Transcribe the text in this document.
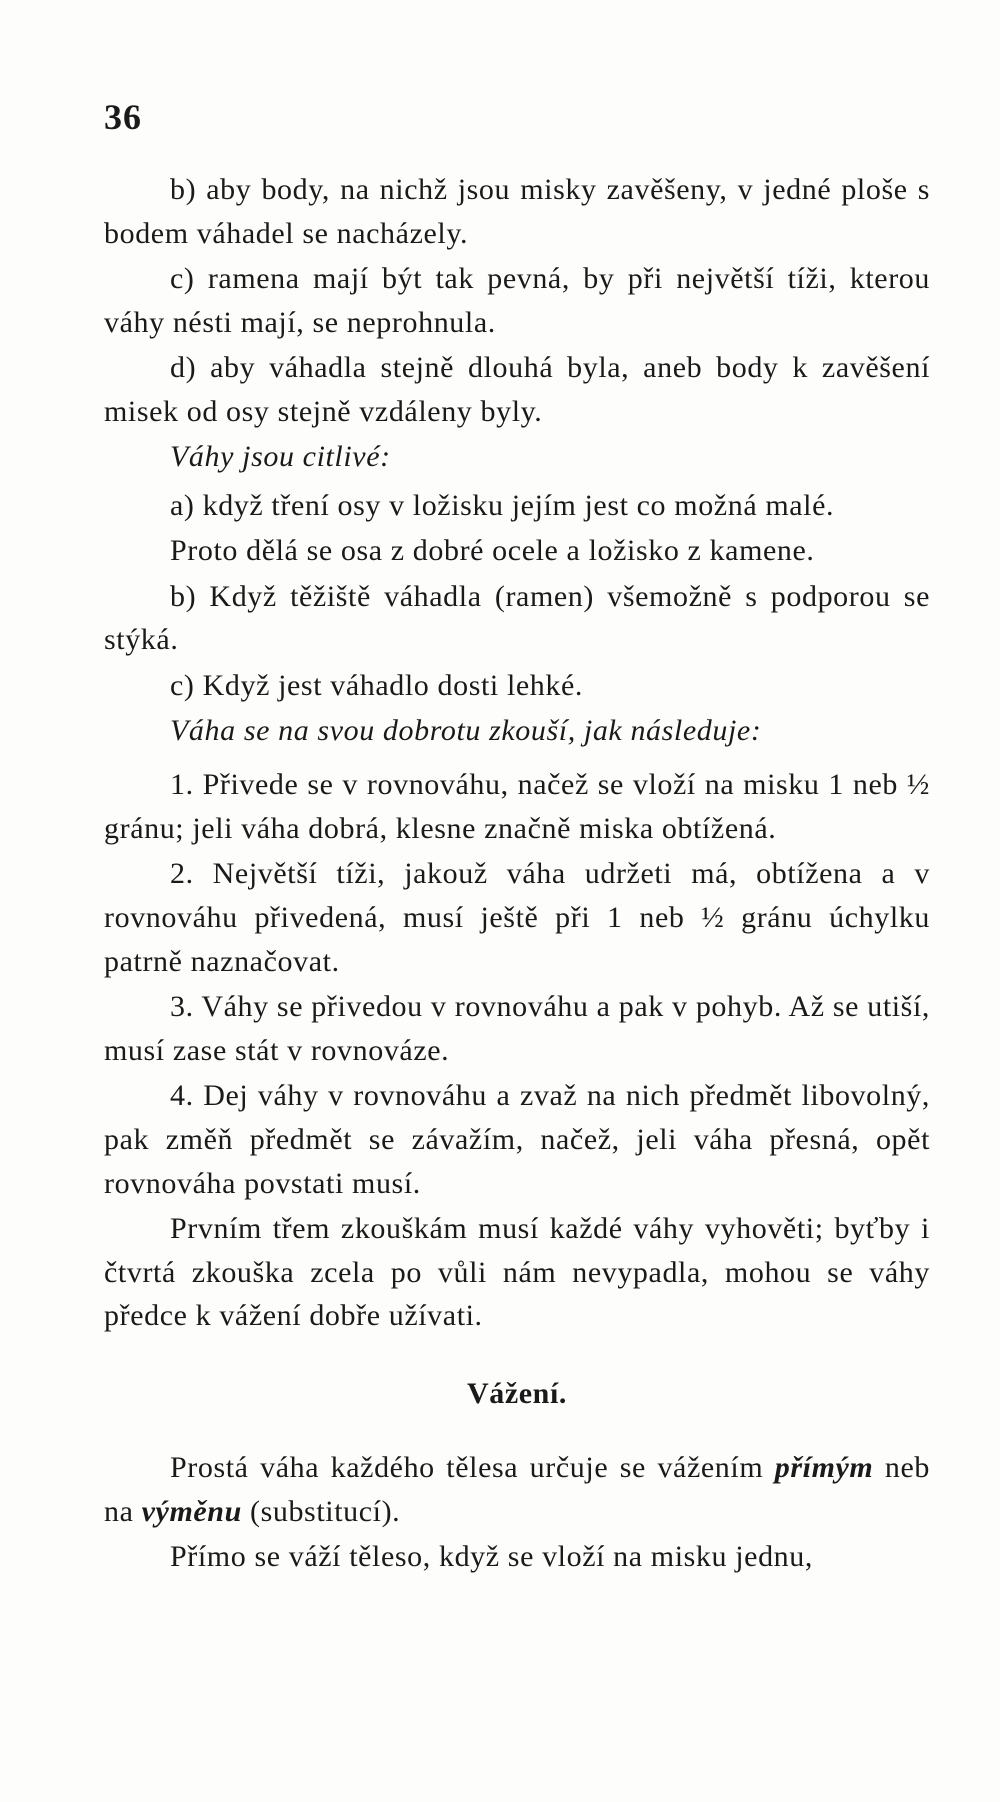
36

b) aby body, na nichž jsou misky zavěšeny, v jedné ploše s bodem váhadel se nacházely.

c) ramena mají být tak pevná, by při největší tíži, kterou váhy nésti mají, se neprohnula.

d) aby váhadla stejně dlouhá byla, aneb body k zavěšení misek od osy stejně vzdáleny byly.

Váhy jsou citlivé:

a) když tření osy v ložisku jejím jest co možná malé.

Proto dělá se osa z dobré ocele a ložisko z kamene.

b) Když těžiště váhadla (ramen) všemožně s podporou se stýká.

c) Když jest váhadlo dosti lehké.

Váha se na svou dobrotu zkouší, jak následuje:

1. Přivede se v rovnováhu, načež se vloží na misku 1 neb ½ gránu; jeli váha dobrá, klesne značně miska obtížená.

2. Největší tíži, jakouž váha udržeti má, obtížena a v rovnováhu přivedená, musí ještě při 1 neb ½ gránu úchylku patrně naznačovat.

3. Váhy se přivedou v rovnováhu a pak v pohyb. Až se utiší, musí zase stát v rovnováze.

4. Dej váhy v rovnováhu a zvaž na nich předmět libovolný, pak změň předmět se závažím, načež, jeli váha přesná, opět rovnováha povstati musí.

Prvním třem zkouškám musí každé váhy vyhověti; byťby i čtvrtá zkouška zcela po vůli nám nevypadla, mohou se váhy předce k vážení dobře užívati.

Vážení.

Prostá váha každého tělesa určuje se vážením přímým neb na výměnu (substitucí).

Přímo se váží těleso, když se vloží na misku jednu,
